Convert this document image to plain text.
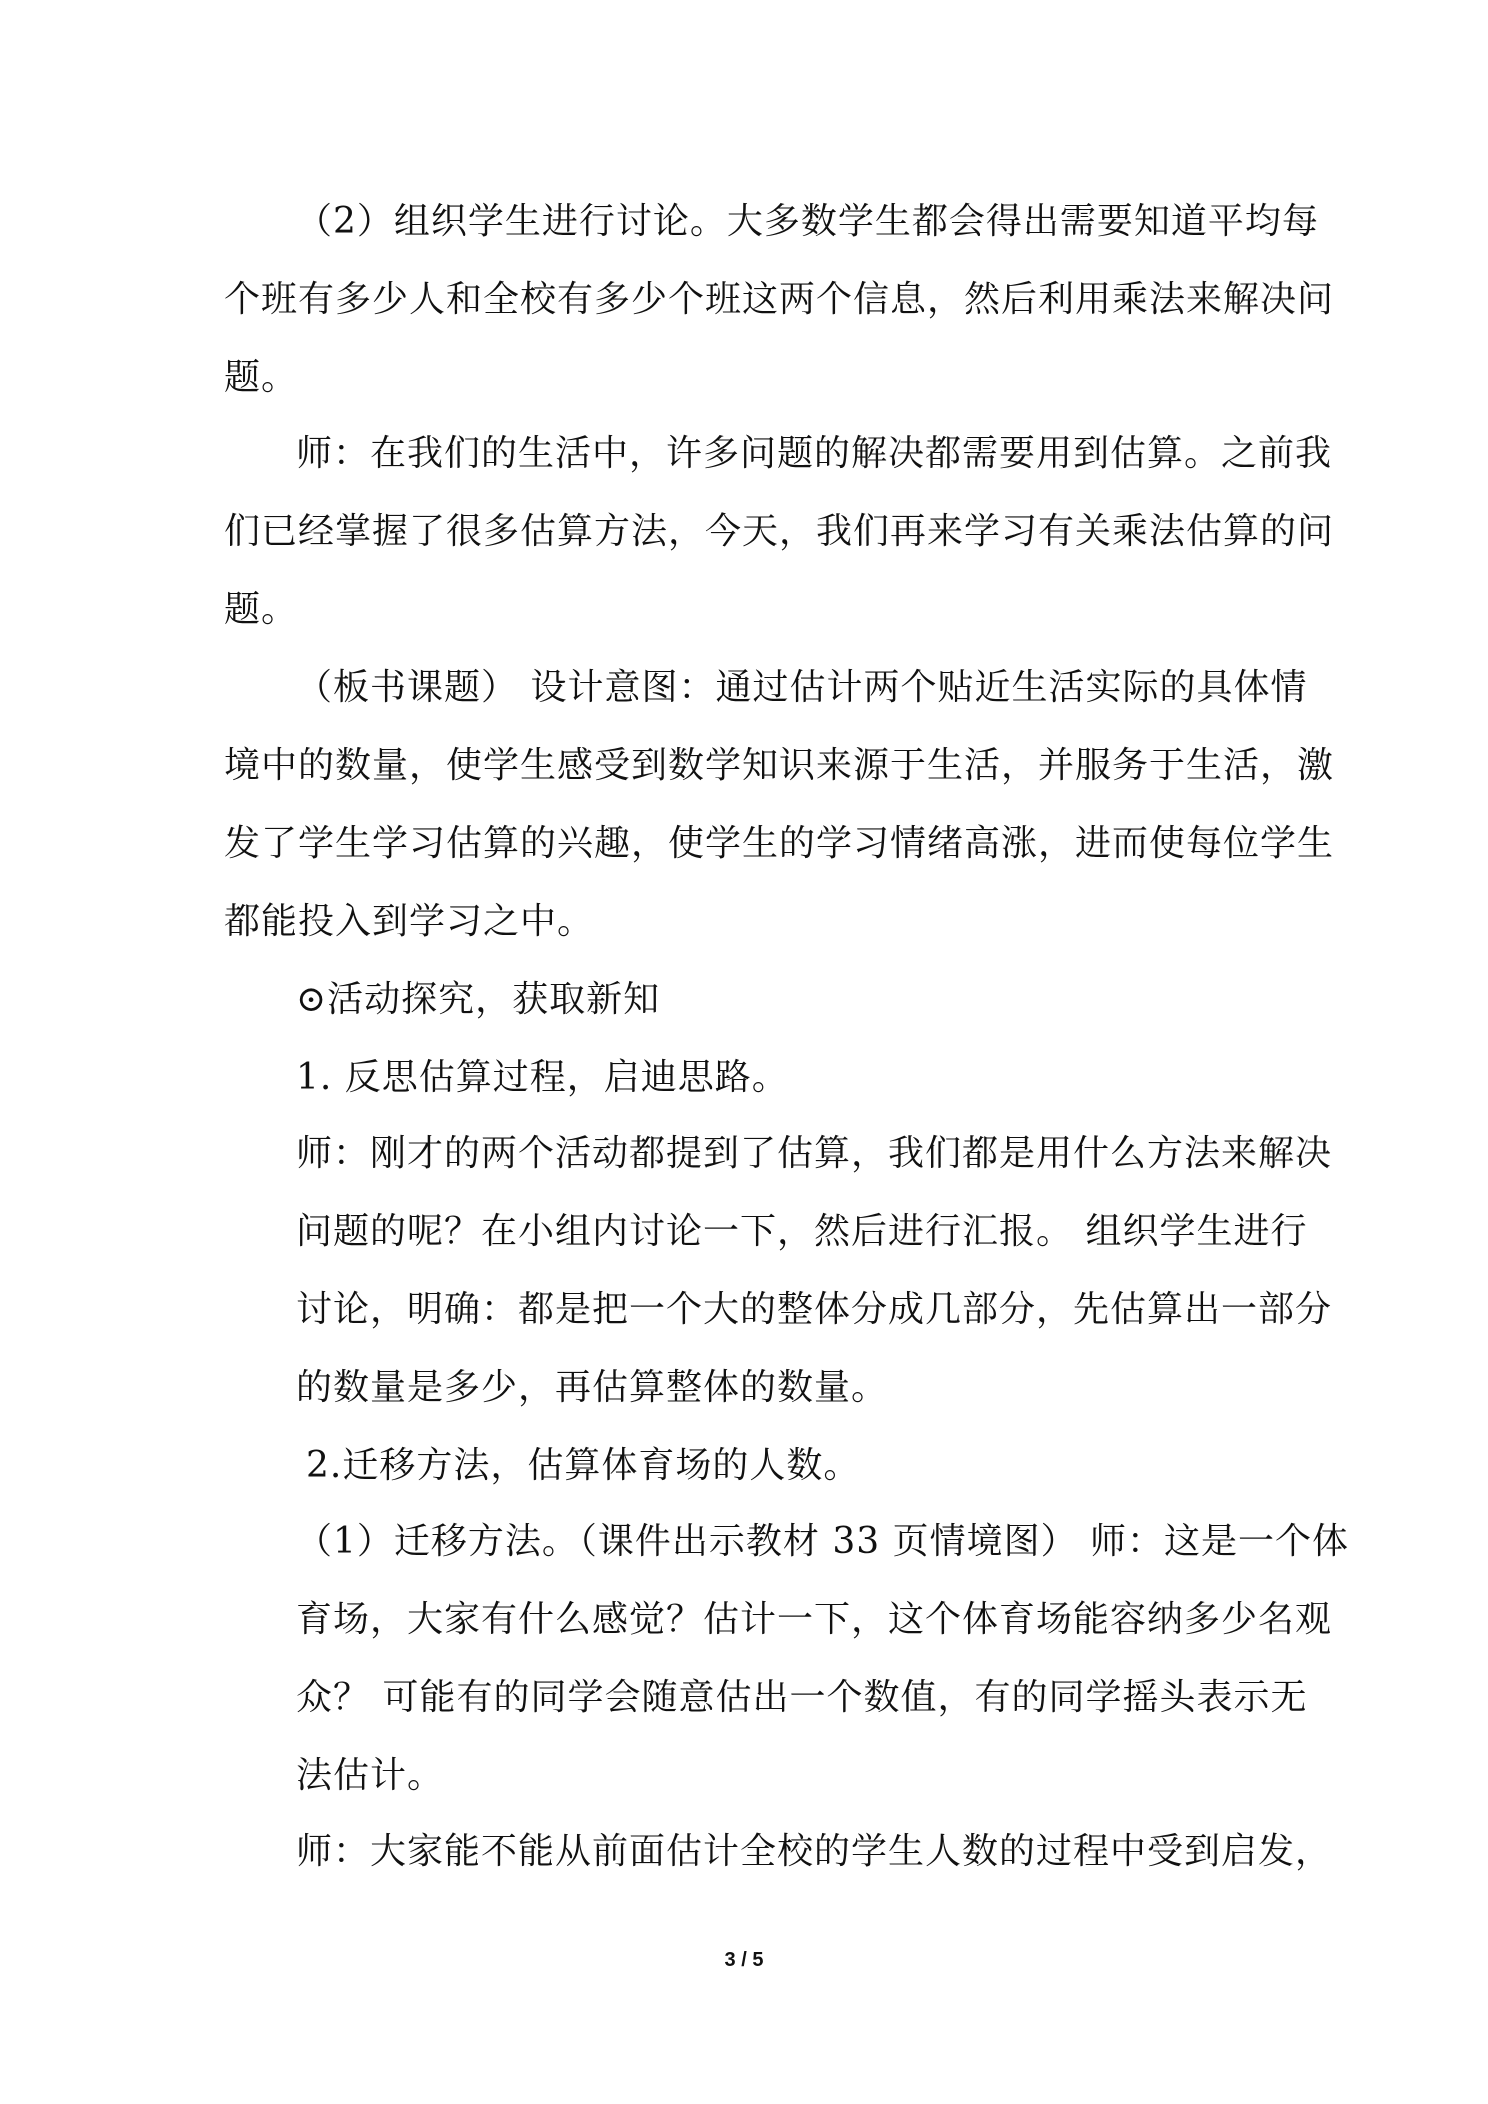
（2）组织学生进行讨论。大多数学生都会得出需要知道平均每
个班有多少人和全校有多少个班这两个信息，然后利用乘法来解决问
题。
师：在我们的生活中，许多问题的解决都需要用到估算。之前我
们已经掌握了很多估算方法，今天，我们再来学习有关乘法估算的问
题。
（板书课题） 设计意图：通过估计两个贴近生活实际的具体情
境中的数量，使学生感受到数学知识来源于生活，并服务于生活，激
发了学生学习估算的兴趣，使学生的学习情绪高涨，进而使每位学生
都能投入到学习之中。
⊙活动探究，获取新知
1. 反思估算过程，启迪思路。
师：刚才的两个活动都提到了估算，我们都是用什么方法来解决
问题的呢？在小组内讨论一下，然后进行汇报。 组织学生进行
讨论，明确：都是把一个大的整体分成几部分，先估算出一部分
的数量是多少，再估算整体的数量。
2.迁移方法，估算体育场的人数。
（1）迁移方法。（课件出示教材 33 页情境图） 师：这是一个体
育场，大家有什么感觉？估计一下，这个体育场能容纳多少名观
众？ 可能有的同学会随意估出一个数值，有的同学摇头表示无
法估计。
师：大家能不能从前面估计全校的学生人数的过程中受到启发，
3 / 5
